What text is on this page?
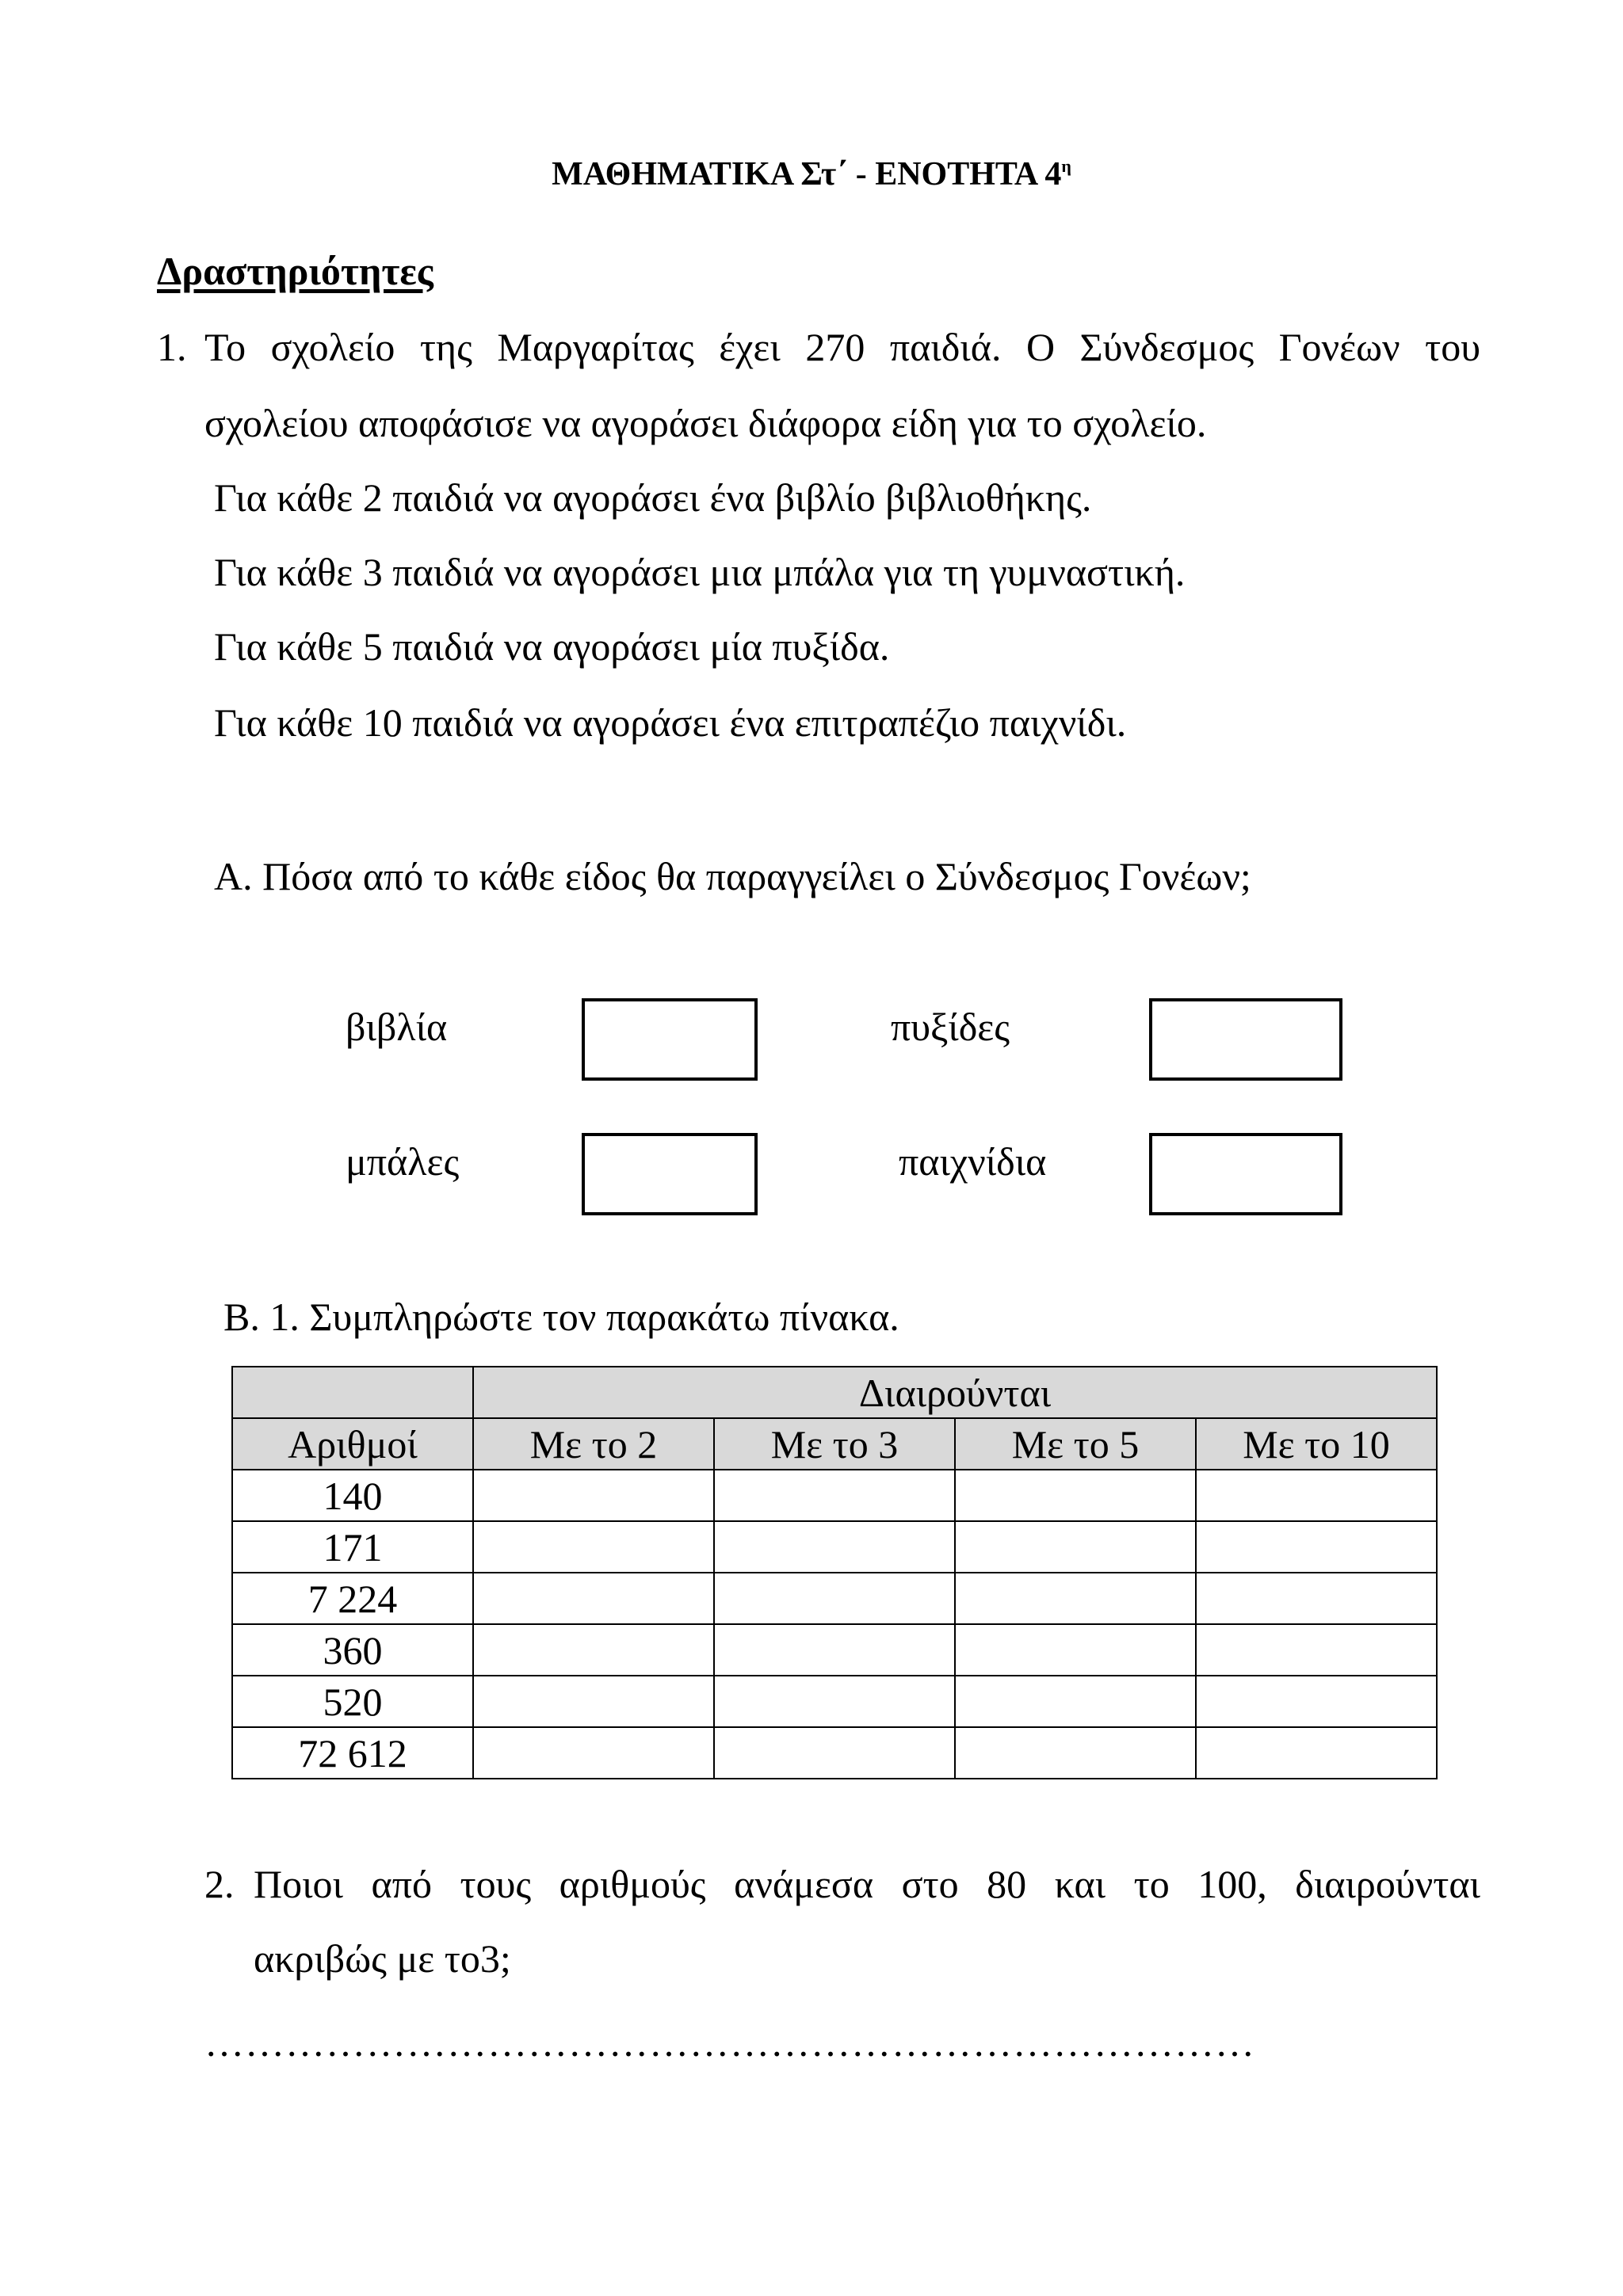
ΜΑΘΗΜΑΤΙΚΑ Στ΄ - ΕΝΟΤΗΤΑ $4^\eta$
Δραστηριότητες
1. Το σχολείο της Μαργαρίτας έχει 270 παιδιά. Ο Σύνδεσμος Γονέων του
σχολείου αποφάσισε να αγοράσει διάφορα είδη για το σχολείο.
Για κάθε 2 παιδιά να αγοράσει ένα βιβλίο βιβλιοθήκης.
Για κάθε 3 παιδιά να αγοράσει μια μπάλα για τη γυμναστική.
Για κάθε 5 παιδιά να αγοράσει μία πυξίδα.
Για κάθε 10 παιδιά να αγοράσει ένα επιτραπέζιο παιχνίδι.
Α. Πόσα από το κάθε είδος θα παραγγείλει ο Σύνδεσμος Γονέων;
βιβλία	πυξίδες
μπάλες	παιχνίδια
Β. 1. Συμπληρώστε τον παρακάτω πίνακα.
	Διαιρούνται			
Αριθμοί	Με το 2	Με το 3	Με το 5	Με το 10
140				
171				
7 224				
360				
520				
72 612				
2. Ποιοι από τους αριθμούς ανάμεσα στο 80 και το 100, διαιρούνται
ακριβώς με το3;
……………………………………………………………………
